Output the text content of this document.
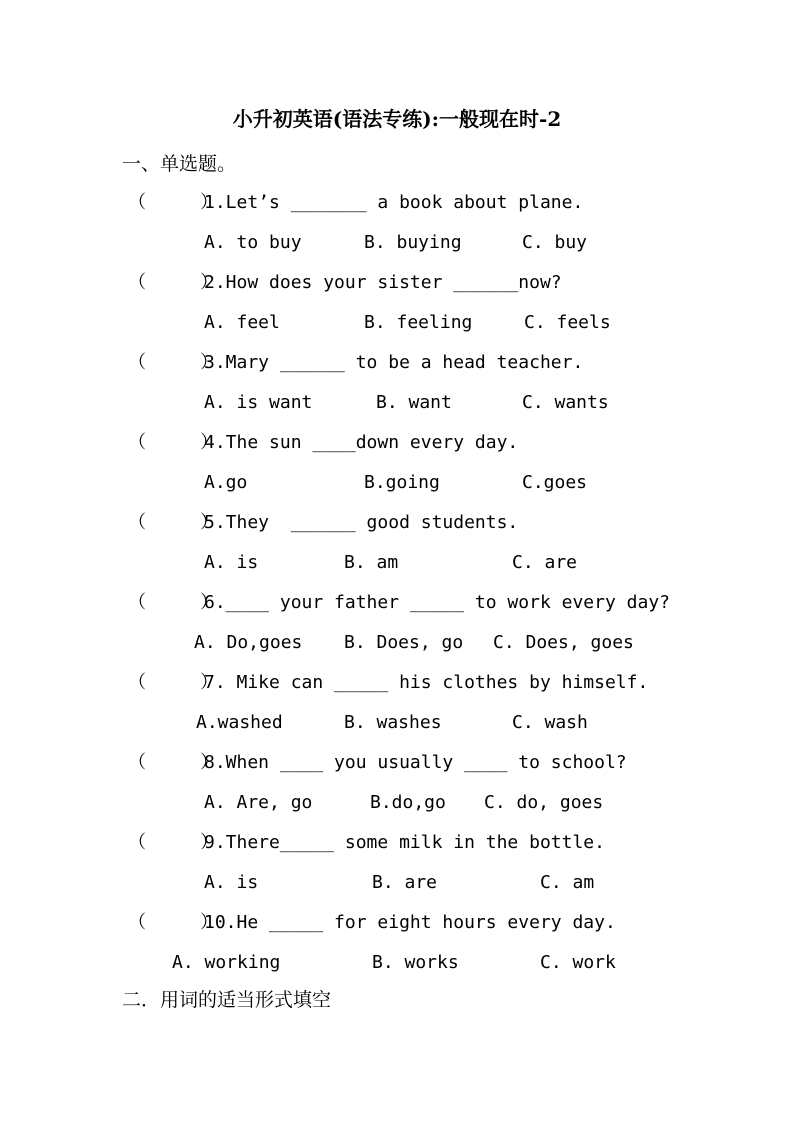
小升初英语(语法专练):一般现在时-2
一、单选题。
（     ）1.Let’s _______ a book about plane.
A. to buy	B. buying	C. buy
（     ）2.How does your sister ______now?
A. feel	B. feeling	C. feels
（     ）3.Mary ______ to be a head teacher.
A. is want	B. want	C. wants
（     ）4.The sun ____down every day.
A.go	B.going	C.goes
（     ）5.They  ______ good students.
A. is	B. am	C. are
（     ）6.____ your father _____ to work every day?
A. Do,goes B. Does, go C. Does, goes
（     ）7. Mike can _____ his clothes by himself.
A.washed	B. washes	C. wash
（     ）8.When ____ you usually ____ to school?
A. Are, go	B.do,go C. do, goes
（     ）9.There_____ some milk in the bottle.
A. is	B. are	C. am
（     ）10.He _____ for eight hours every day.
A. working	B. works	C. work
二．用词的适当形式填空
